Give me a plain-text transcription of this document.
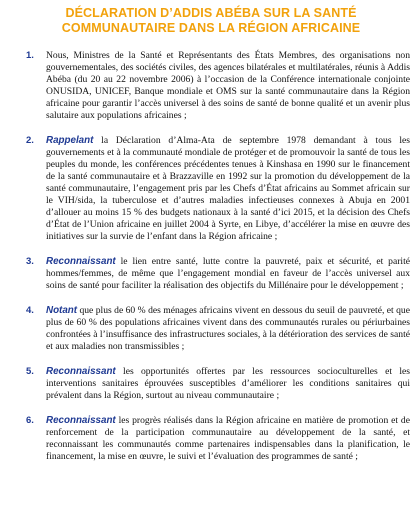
DÉCLARATION D’ADDIS ABÉBA SUR LA SANTÉ
COMMUNAUTAIRE DANS LA RÉGION AFRICAINE
1.	Nous, Ministres de la Santé et Représentants des États Membres, des organisations non gouvernementales, des sociétés civiles, des agences bilatérales et multilatérales, réunis à Addis Abéba (du 20 au 22 novembre 2006) à l’occasion de la Conférence internationale conjointe ONUSIDA, UNICEF, Banque mondiale et OMS sur la santé communautaire dans la Région africaine pour garantir l’accès universel à des soins de santé de bonne qualité et un avenir plus salutaire aux populations africaines ;
2.	Rappelant la Déclaration d’Alma-Ata de septembre 1978 demandant à tous les gouvernements et à la communauté mondiale de protéger et de promouvoir la santé de tous les peuples du monde, les conférences précédentes tenues à Kinshasa en 1990 sur le financement de la santé communautaire et à Brazzaville en 1992 sur la promotion du développement de la santé communautaire, l’engagement pris par les Chefs d’État africains au Sommet africain sur le VIH/sida, la tuberculose et d’autres maladies infectieuses connexes à Abuja en 2001 d’allouer au moins 15 % des budgets nationaux à la santé d’ici 2015, et la décision des Chefs d’État de l’Union africaine en juillet 2004 à Syrte, en Libye, d’accélérer la mise en œuvre des initiatives sur la survie de l’enfant dans la Région africaine ;
3.	Reconnaissant le lien entre santé, lutte contre la pauvreté, paix et sécurité, et parité hommes/femmes, de même que l’engagement mondial en faveur de l’accès universel aux soins de santé pour faciliter la réalisation des objectifs du Millénaire pour le développement ;
4.	Notant que plus de 60 % des ménages africains vivent en dessous du seuil de pauvreté, et que plus de 60 % des populations africaines vivent dans des communautés rurales ou périurbaines confrontées à l’insuffisance des infrastructures sociales, à la détérioration des services de santé et aux maladies non transmissibles ;
5.	Reconnaissant les opportunités offertes par les ressources socioculturelles et les interventions sanitaires éprouvées susceptibles d’améliorer les conditions sanitaires qui prévalent dans la Région, surtout au niveau communautaire ;
6.	Reconnaissant les progrès réalisés dans la Région africaine en matière de promotion et de renforcement de la participation communautaire au développement de la santé, et reconnaissant les communautés comme partenaires indispensables dans la planification, le financement, la mise en œuvre, le suivi et l’évaluation des programmes de santé ;
